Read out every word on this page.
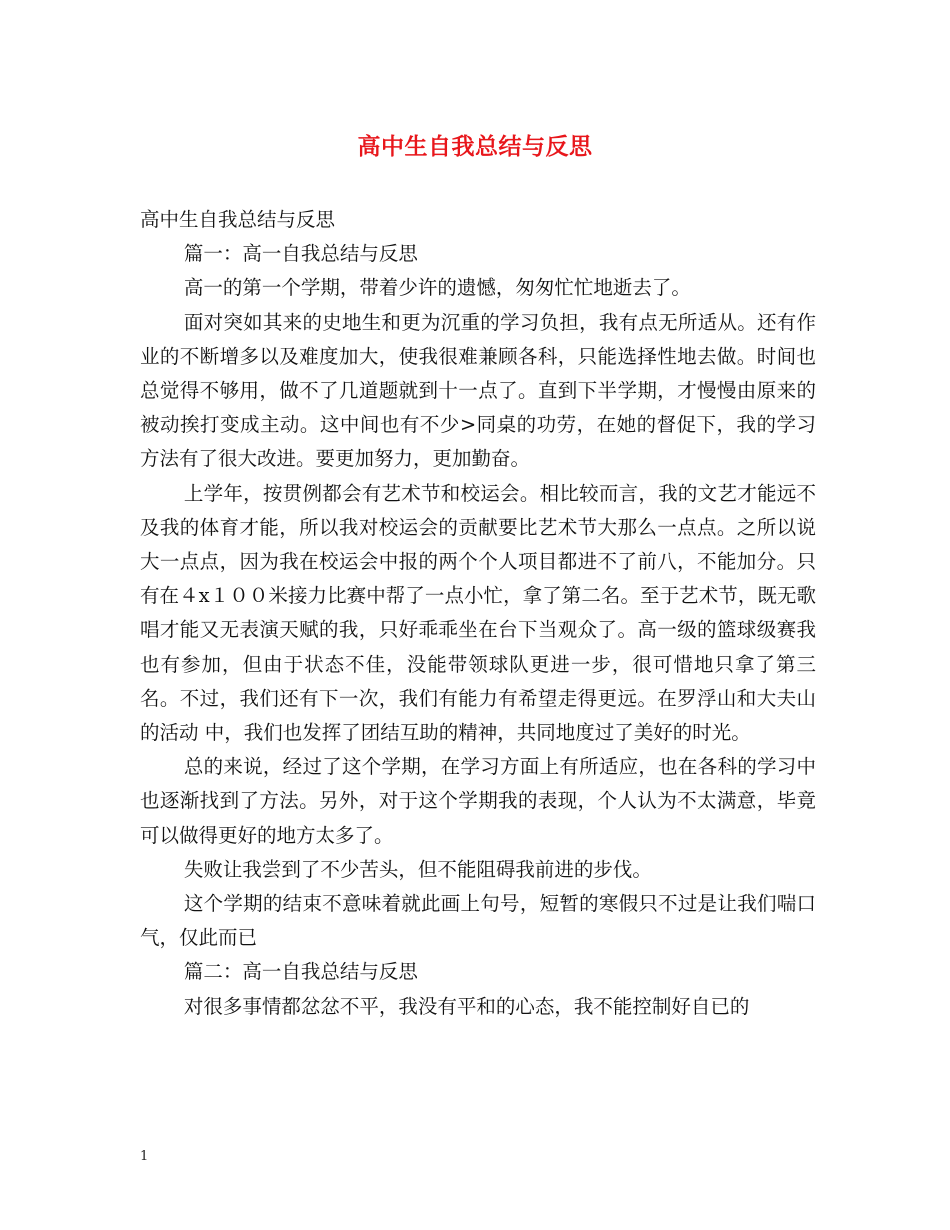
高中生自我总结与反思

高中生自我总结与反思

篇一：高一自我总结与反思

高一的第一个学期，带着少许的遗憾，匆匆忙忙地逝去了。

面对突如其来的史地生和更为沉重的学习负担，我有点无所适从。还有作业的不断增多以及难度加大，使我很难兼顾各科，只能选择性地去做。时间也总觉得不够用，做不了几道题就到十一点了。直到下半学期，才慢慢由原来的被动挨打变成主动。这中间也有不少>同桌的功劳，在她的督促下，我的学习方法有了很大改进。要更加努力，更加勤奋。

上学年，按贯例都会有艺术节和校运会。相比较而言，我的文艺才能远不及我的体育才能，所以我对校运会的贡献要比艺术节大那么一点点。之所以说大一点点，因为我在校运会中报的两个个人项目都进不了前八，不能加分。只有在４x１００米接力比赛中帮了一点小忙，拿了第二名。至于艺术节，既无歌唱才能又无表演天赋的我，只好乖乖坐在台下当观众了。高一级的篮球级赛我也有参加，但由于状态不佳，没能带领球队更进一步，很可惜地只拿了第三名。不过，我们还有下一次，我们有能力有希望走得更远。在罗浮山和大夫山的活动 中，我们也发挥了团结互助的精神，共同地度过了美好的时光。

总的来说，经过了这个学期，在学习方面上有所适应，也在各科的学习中也逐渐找到了方法。另外，对于这个学期我的表现，个人认为不太满意，毕竟可以做得更好的地方太多了。

失败让我尝到了不少苦头，但不能阻碍我前进的步伐。

这个学期的结束不意味着就此画上句号，短暂的寒假只不过是让我们喘口气，仅此而已

篇二：高一自我总结与反思

对很多事情都忿忿不平，我没有平和的心态，我不能控制好自已的

1
